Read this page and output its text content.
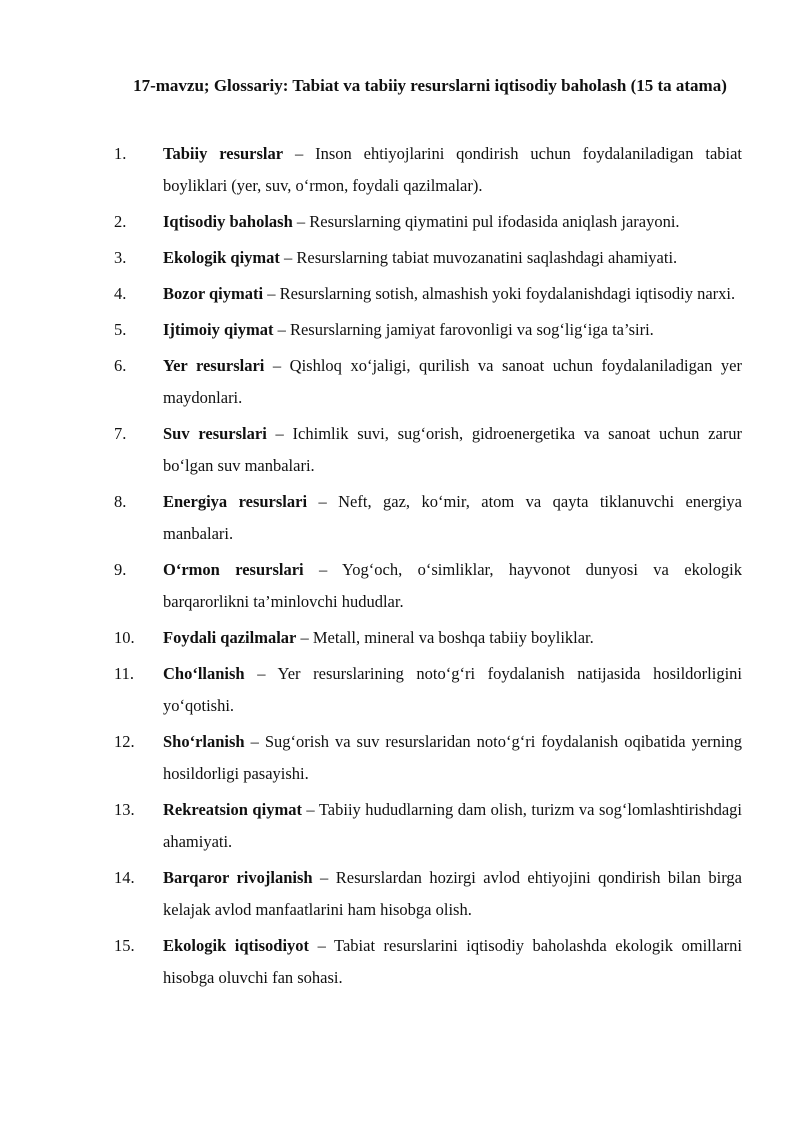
17-mavzu; Glossariy: Tabiat va tabiiy resurslarni iqtisodiy baholash (15 ta atama)
1. Tabiiy resurslar – Inson ehtiyojlarini qondirish uchun foydalaniladigan tabiat boyliklari (yer, suv, o‘rmon, foydali qazilmalar).
2. Iqtisodiy baholash – Resurslarning qiymatini pul ifodasida aniqlash jarayoni.
3. Ekologik qiymat – Resurslarning tabiat muvozanatini saqlashdagi ahamiyati.
4. Bozor qiymati – Resurslarning sotish, almashish yoki foydalanishdagi iqtisodiy narxi.
5. Ijtimoiy qiymat – Resurslarning jamiyat farovonligi va sog‘lig‘iga ta’siri.
6. Yer resurslari – Qishloq xo‘jaligi, qurilish va sanoat uchun foydalaniladigan yer maydonlari.
7. Suv resurslari – Ichimlik suvi, sug‘orish, gidroenergetika va sanoat uchun zarur bo‘lgan suv manbalari.
8. Energiya resurslari – Neft, gaz, ko‘mir, atom va qayta tiklanuvchi energiya manbalari.
9. O‘rmon resurslari – Yog‘och, o‘simliklar, hayvonot dunyosi va ekologik barqarorlikni ta’minlovchi hududlar.
10. Foydali qazilmalar – Metall, mineral va boshqa tabiiy boyliklar.
11. Cho‘llanish – Yer resurslarining noto‘g‘ri foydalanish natijasida hosildorligini yo‘qotishi.
12. Sho‘rlanish – Sug‘orish va suv resurslaridan noto‘g‘ri foydalanish oqibatida yerning hosildorligi pasayishi.
13. Rekreatsion qiymat – Tabiiy hududlarning dam olish, turizm va sog‘lomlashtirishdagi ahamiyati.
14. Barqaror rivojlanish – Resurslardan hozirgi avlod ehtiyojini qondirish bilan birga kelajak avlod manfaatlarini ham hisobga olish.
15. Ekologik iqtisodiyot – Tabiat resurslarini iqtisodiy baholashda ekologik omillarni hisobga oluvchi fan sohasi.
